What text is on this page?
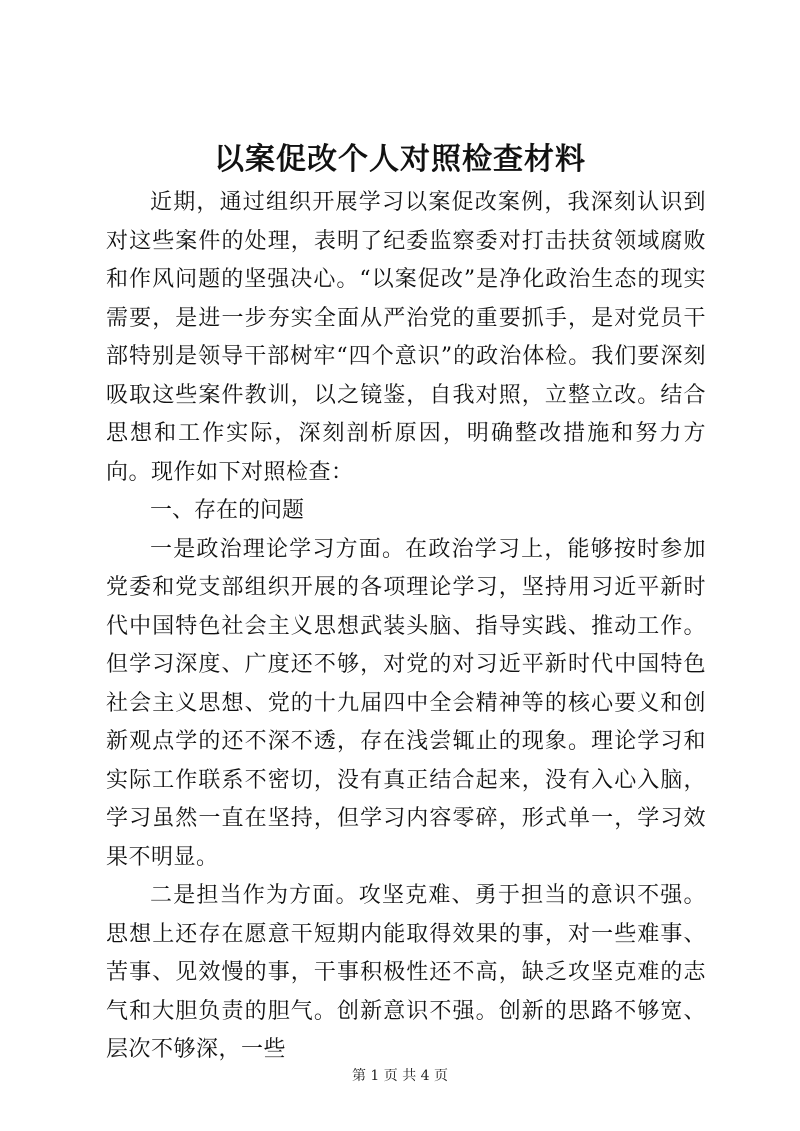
以案促改个人对照检查材料

近期，通过组织开展学习以案促改案例，我深刻认识到对这些案件的处理，表明了纪委监察委对打击扶贫领域腐败和作风问题的坚强决心。“以案促改”是净化政治生态的现实需要，是进一步夯实全面从严治党的重要抓手，是对党员干部特别是领导干部树牢“四个意识”的政治体检。我们要深刻吸取这些案件教训，以之镜鉴，自我对照，立整立改。结合思想和工作实际，深刻剖析原因，明确整改措施和努力方向。现作如下对照检查：

一、存在的问题

一是政治理论学习方面。在政治学习上，能够按时参加党委和党支部组织开展的各项理论学习，坚持用习近平新时代中国特色社会主义思想武装头脑、指导实践、推动工作。但学习深度、广度还不够，对党的对习近平新时代中国特色社会主义思想、党的十九届四中全会精神等的核心要义和创新观点学的还不深不透，存在浅尝辄止的现象。理论学习和实际工作联系不密切，没有真正结合起来，没有入心入脑，学习虽然一直在坚持，但学习内容零碎，形式单一，学习效果不明显。

二是担当作为方面。攻坚克难、勇于担当的意识不强。思想上还存在愿意干短期内能取得效果的事，对一些难事、苦事、见效慢的事，干事积极性还不高，缺乏攻坚克难的志气和大胆负责的胆气。创新意识不强。创新的思路不够宽、层次不够深，一些

第 1 页 共 4 页
